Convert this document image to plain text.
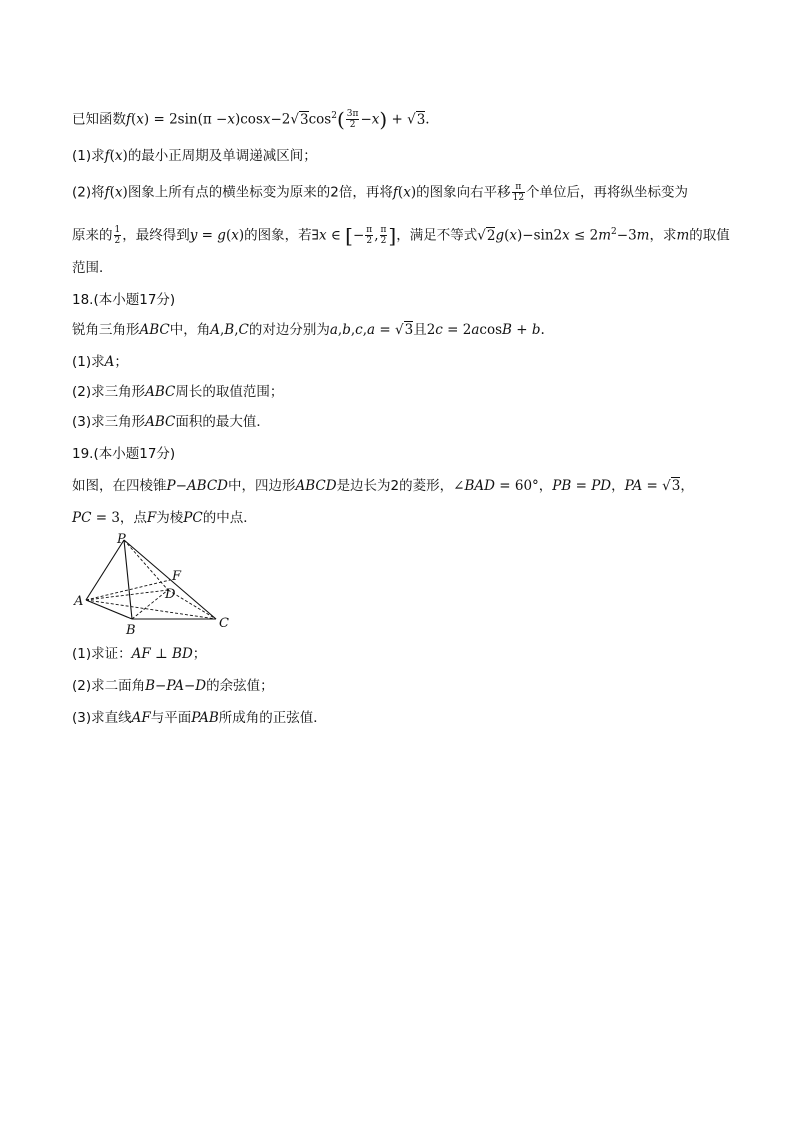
已知函数$f(x) = 2\sin(\pi -x)\cos x-2√3\cos^2( \frac{3\pi}{2} -x) + √3$.
(1)求f(x)的最小正周期及单调递减区间；
(2)将f(x)图象上所有点的横坐标变为原来的2倍，再将f(x)的图象向右平移 $\frac{\pi}{12}$ 个单位后，再将纵坐标变为
原来的 $\frac{1}{2}$ ，最终得到y = g(x)的图象，若∃x ∈ [− $\frac{\pi}{2}$ , $\frac{\pi}{2}$ ]，满足不等式$√2g(x)-\sin 2x \le 2m^2-3m$，求m的取值
范围．
18.(本小题17分)
锐角三角形ABC中，角A,B,C的对边分别为a,b,c,a = √3且2c = 2acosB + b.
(1)求A；
(2)求三角形ABC周长的取值范围；
(3)求三角形ABC面积的最大值．
19.(本小题17分)
如图，在四棱锥P−ABCD中，四边形ABCD是边长为2的菱形，∠BAD = 60°，PB = PD，PA = √3，
PC = 3，点F为棱PC的中点．
P
A
B	C
D
F
(1)求证：AF ⊥ BD；
(2)求二面角B−PA−D的余弦值；
(3)求直线AF与平面PAB所成角的正弦值．
